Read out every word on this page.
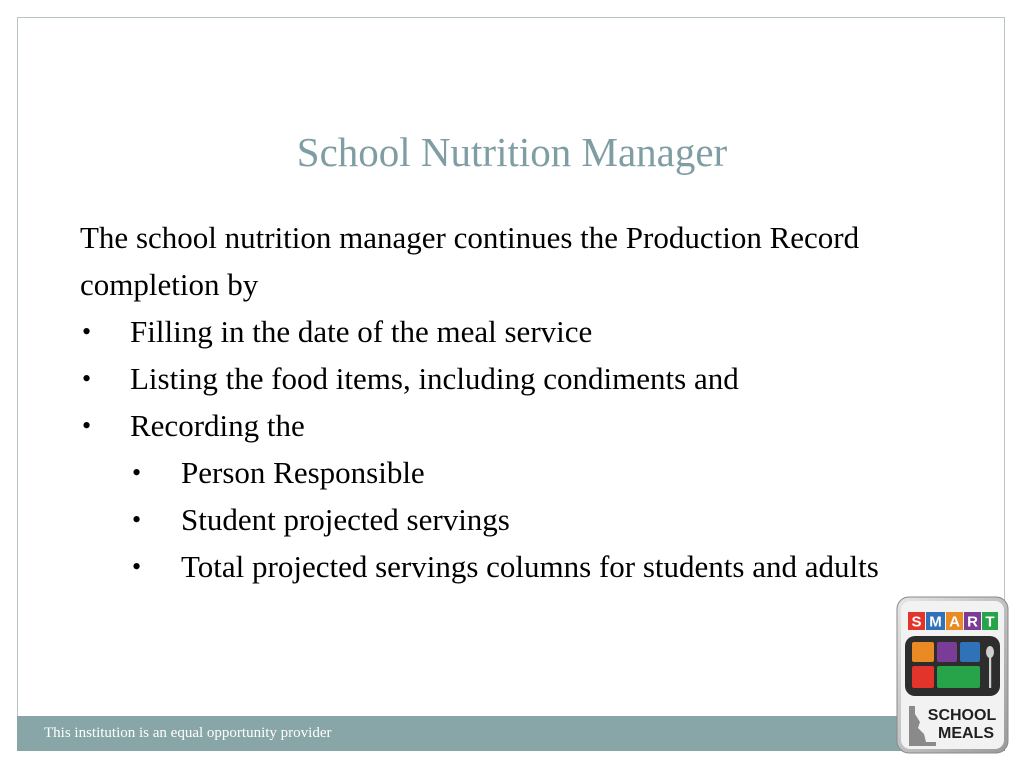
School Nutrition Manager

The school nutrition manager continues the Production Record completion by

• Filling in the date of the meal service
• Listing the food items, including condiments and
• Recording the
• Person Responsible
• Student projected servings
• Total projected servings columns for students and adults
This institution is an equal opportunity provider
S M A R T
SCHOOL
MEALS
